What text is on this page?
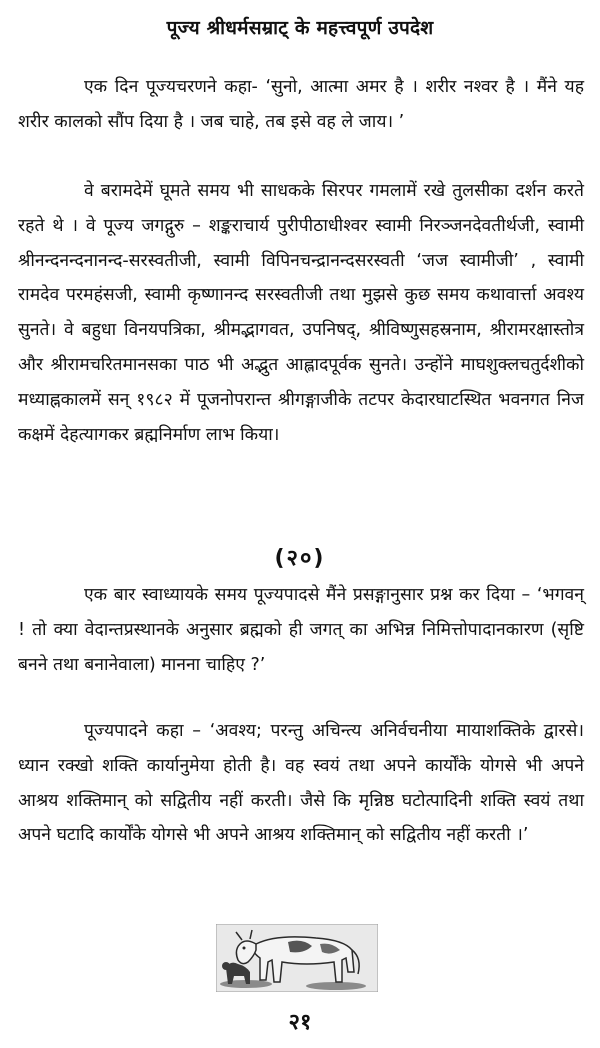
पूज्य श्रीधर्मसम्राट् के महत्त्वपूर्ण उपदेश

एक दिन पूज्यचरणने कहा- ‘सुनो, आत्मा अमर है । शरीर नश्वर है । मैंने यह शरीर कालको सौंप दिया है । जब चाहे, तब इसे वह ले जाय। ’

वे बरामदेमें घूमते समय भी साधकके सिरपर गमलामें रखे तुलसीका दर्शन करते रहते थे । वे पूज्य जगद्गुरु – शङ्कराचार्य पुरीपीठाधीश्वर स्वामी निरञ्जनदेवतीर्थजी, स्वामी श्रीनन्दनन्दनानन्द-सरस्वतीजी, स्वामी विपिनचन्द्रानन्दसरस्वती ‘जज स्वामीजी’ , स्वामी रामदेव परमहंसजी, स्वामी कृष्णानन्द सरस्वतीजी तथा मुझसे कुछ समय कथावार्त्ता अवश्य सुनते। वे बहुधा विनयपत्रिका, श्रीमद्भागवत, उपनिषद्, श्रीविष्णुसहस्रनाम, श्रीरामरक्षास्तोत्र और श्रीरामचरितमानसका पाठ भी अद्भुत आह्लादपूर्वक सुनते। उन्होंने माघशुक्लचतुर्दशीको मध्याह्नकालमें सन् १९८२ में पूजनोपरान्त श्रीगङ्गाजीके तटपर केदारघाटस्थित भवनगत निज कक्षमें देहत्यागकर ब्रह्मनिर्माण लाभ किया।

(२०)

एक बार स्वाध्यायके समय पूज्यपादसे मैंने प्रसङ्गानुसार प्रश्न कर दिया – ‘भगवन् ! तो क्या वेदान्तप्रस्थानके अनुसार ब्रह्मको ही जगत् का अभिन्न निमित्तोपादानकारण (सृष्टि बनने तथा बनानेवाला) मानना चाहिए ?’

पूज्यपादने कहा – ‘अवश्य; परन्तु अचिन्त्य अनिर्वचनीया मायाशक्तिके द्वारसे। ध्यान रक्खो शक्ति कार्यानुमेया होती है। वह स्वयं तथा अपने कार्योंके योगसे भी अपने आश्रय शक्तिमान् को सद्वितीय नहीं करती। जैसे कि मृन्निष्ठ घटोत्पादिनी शक्ति स्वयं तथा अपने घटादि कार्योंके योगसे भी अपने आश्रय शक्तिमान् को सद्वितीय नहीं करती ।’

२१
